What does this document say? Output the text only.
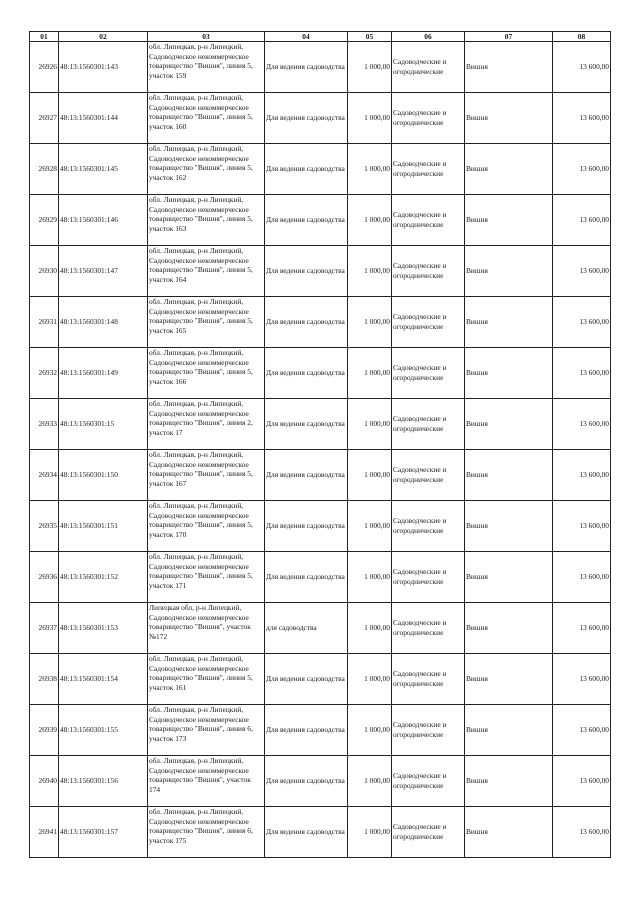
01	02	03	04	05	06	07	08
26926	48:13:1560301:143	обл. Липецкая, р-н Липецкий, Садоводческое некоммерческое товарищество "Вишня", линия 5, участок 159	Для ведения садоводства	1 000,00	Садоводческие и огороднические	Вишня	13 600,00
26927	48:13:1560301:144	обл. Липецкая, р-н Липецкий, Садоводческое некоммерческое товарищество "Вишня", линия 5, участок 160	Для ведения садоводства	1 000,00	Садоводческие и огороднические	Вишня	13 600,00
26928	48:13:1560301:145	обл. Липецкая, р-н Липецкий, Садоводческое некоммерческое товарищество "Вишня", линия 5, участок 162	Для ведения садоводства	1 000,00	Садоводческие и огороднические	Вишня	13 600,00
26929	48:13:1560301:146	обл. Липецкая, р-н Липецкий, Садоводческое некоммерческое товарищество "Вишня", линия 5, участок 163	Для ведения садоводства	1 000,00	Садоводческие и огороднические	Вишня	13 600,00
26930	48:13:1560301:147	обл. Липецкая, р-н Липецкий, Садоводческое некоммерческое товарищество "Вишня", линия 5, участок 164	Для ведения садоводства	1 000,00	Садоводческие и огороднические	Вишня	13 600,00
26931	48:13:1560301:148	обл. Липецкая, р-н Липецкий, Садоводческое некоммерческое товарищество "Вишня", линия 5, участок 165	Для ведения садоводства	1 000,00	Садоводческие и огороднические	Вишня	13 600,00
26932	48:13:1560301:149	обл. Липецкая, р-н Липецкий, Садоводческое некоммерческое товарищество "Вишня", линия 5, участок 166	Для ведения садоводства	1 000,00	Садоводческие и огороднические	Вишня	13 600,00
26933	48:13:1560301:15	обл. Липецкая, р-н Липецкий, Садоводческое некоммерческое товарищество "Вишня", линия 2, участок 17	Для ведения садоводства	1 000,00	Садоводческие и огороднические	Вишня	13 600,00
26934	48:13:1560301:150	обл. Липецкая, р-н Липецкий, Садоводческое некоммерческое товарищество "Вишня", линия 5, участок 167	Для ведения садоводства	1 000,00	Садоводческие и огороднические	Вишня	13 600,00
26935	48:13:1560301:151	обл. Липецкая, р-н Липецкий, Садоводческое некоммерческое товарищество "Вишня", линия 5, участок 170	Для ведения садоводства	1 000,00	Садоводческие и огороднические	Вишня	13 600,00
26936	48:13:1560301:152	обл. Липецкая, р-н Липецкий, Садоводческое некоммерческое товарищество "Вишня", линия 5, участок 171	Для ведения садоводства	1 000,00	Садоводческие и огороднические	Вишня	13 600,00
26937	48:13:1560301:153	Липецкая обл, р-н Липецкий, Садоводческое некоммерческое товарищество "Вишня", участок №172	для садоводства	1 000,00	Садоводческие и огороднические	Вишня	13 600,00
26938	48:13:1560301:154	обл. Липецкая, р-н Липецкий, Садоводческое некоммерческое товарищество "Вишня", линия 5, участок 161	Для ведения садоводства	1 000,00	Садоводческие и огороднические	Вишня	13 600,00
26939	48:13:1560301:155	обл. Липецкая, р-н Липецкий, Садоводческое некоммерческое товарищество "Вишня", линия 6, участок 173	Для ведения садоводства	1 000,00	Садоводческие и огороднические	Вишня	13 600,00
26940	48:13:1560301:156	обл. Липецкая, р-н Липецкий, Садоводческое некоммерческое товарищество "Вишня", участок 174	Для ведения садоводства	1 000,00	Садоводческие и огороднические	Вишня	13 600,00
26941	48:13:1560301:157	обл. Липецкая, р-н Липецкий, Садоводческое некоммерческое товарищество "Вишня", линия 6, участок 175	Для ведения садоводства	1 000,00	Садоводческие и огороднические	Вишня	13 600,00
